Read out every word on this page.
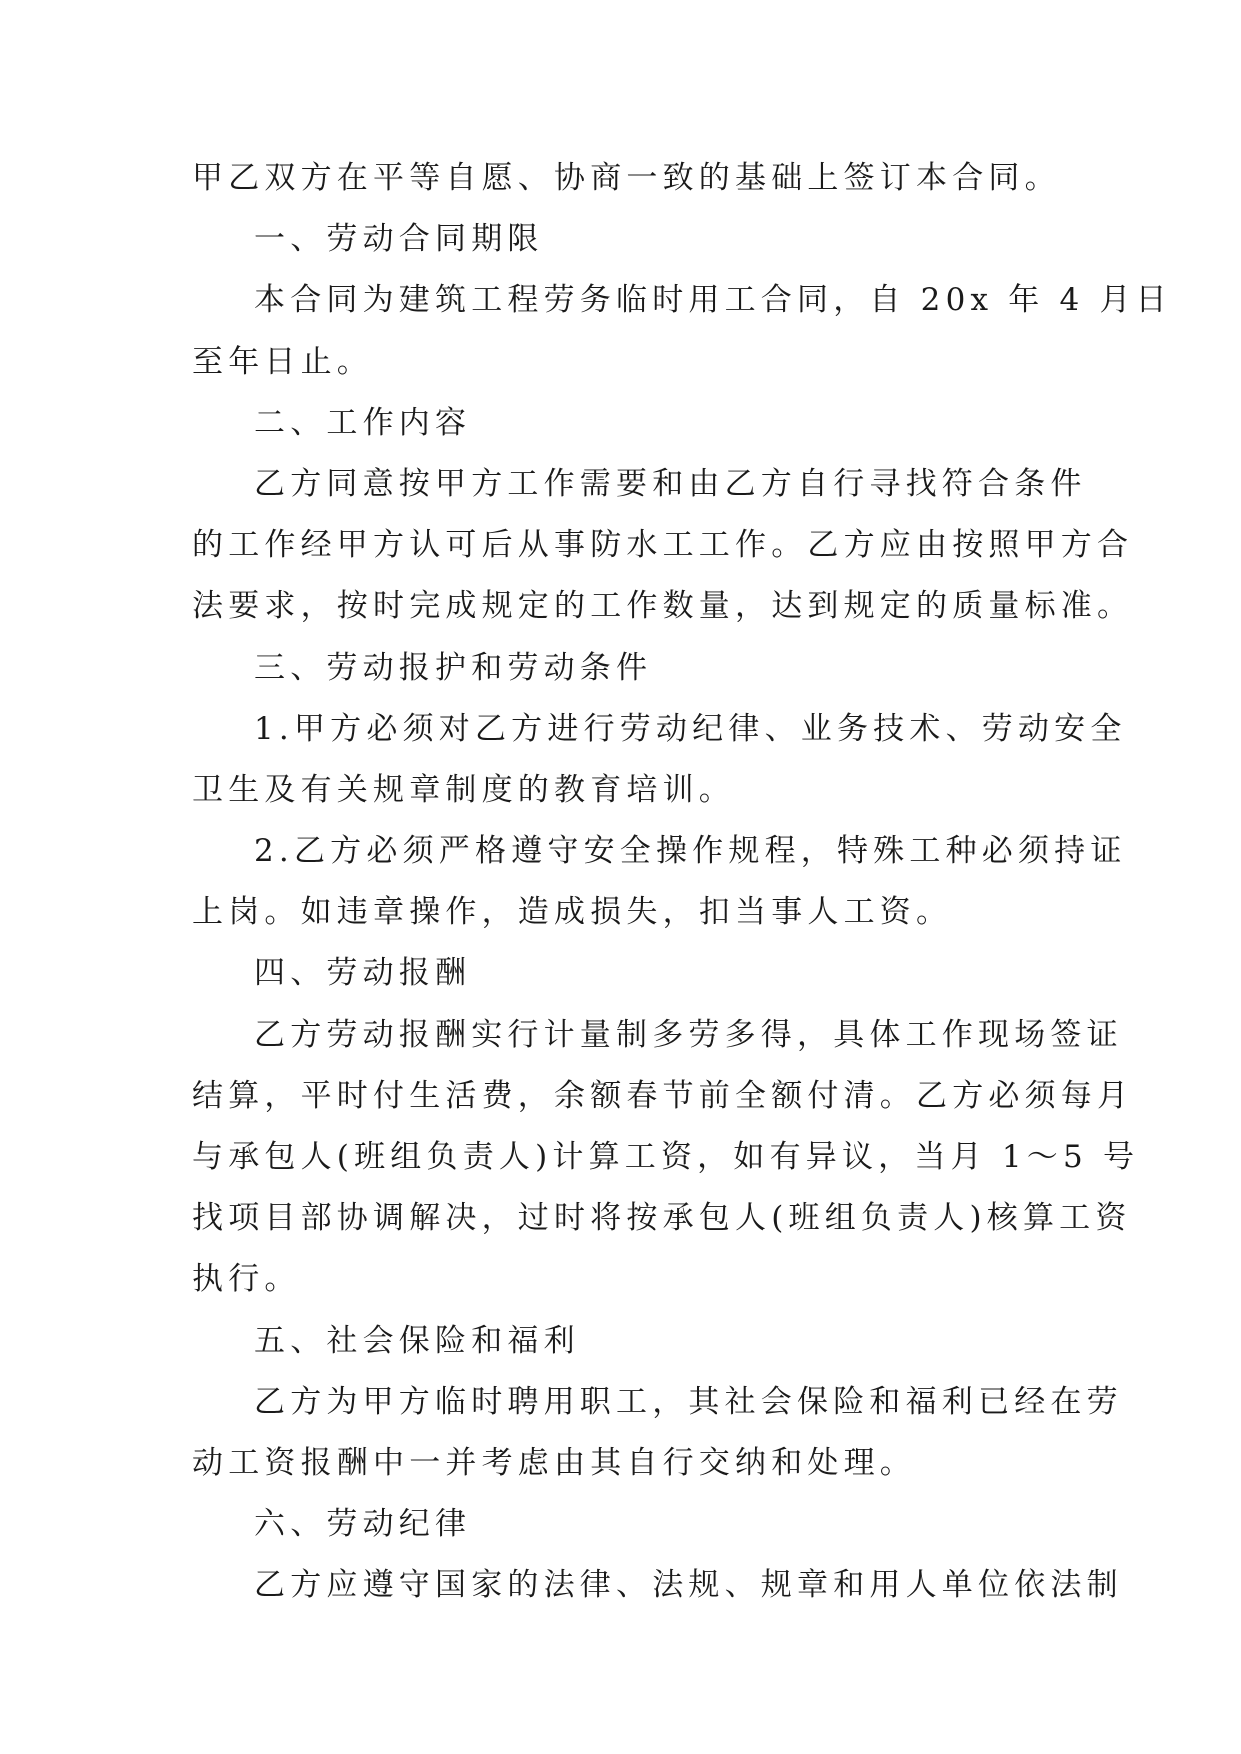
甲乙双方在平等自愿、协商一致的基础上签订本合同。
一、劳动合同期限
本合同为建筑工程劳务临时用工合同，自 20x 年 4 月日
至年日止。
二、工作内容
乙方同意按甲方工作需要和由乙方自行寻找符合条件
的工作经甲方认可后从事防水工工作。乙方应由按照甲方合
法要求，按时完成规定的工作数量，达到规定的质量标准。
三、劳动报护和劳动条件
1.甲方必须对乙方进行劳动纪律、业务技术、劳动安全
卫生及有关规章制度的教育培训。
2.乙方必须严格遵守安全操作规程，特殊工种必须持证
上岗。如违章操作，造成损失，扣当事人工资。
四、劳动报酬
乙方劳动报酬实行计量制多劳多得，具体工作现场签证
结算，平时付生活费，余额春节前全额付清。乙方必须每月
与承包人(班组负责人)计算工资，如有异议，当月 1～5 号
找项目部协调解决，过时将按承包人(班组负责人)核算工资
执行。
五、社会保险和福利
乙方为甲方临时聘用职工，其社会保险和福利已经在劳
动工资报酬中一并考虑由其自行交纳和处理。
六、劳动纪律
乙方应遵守国家的法律、法规、规章和用人单位依法制
